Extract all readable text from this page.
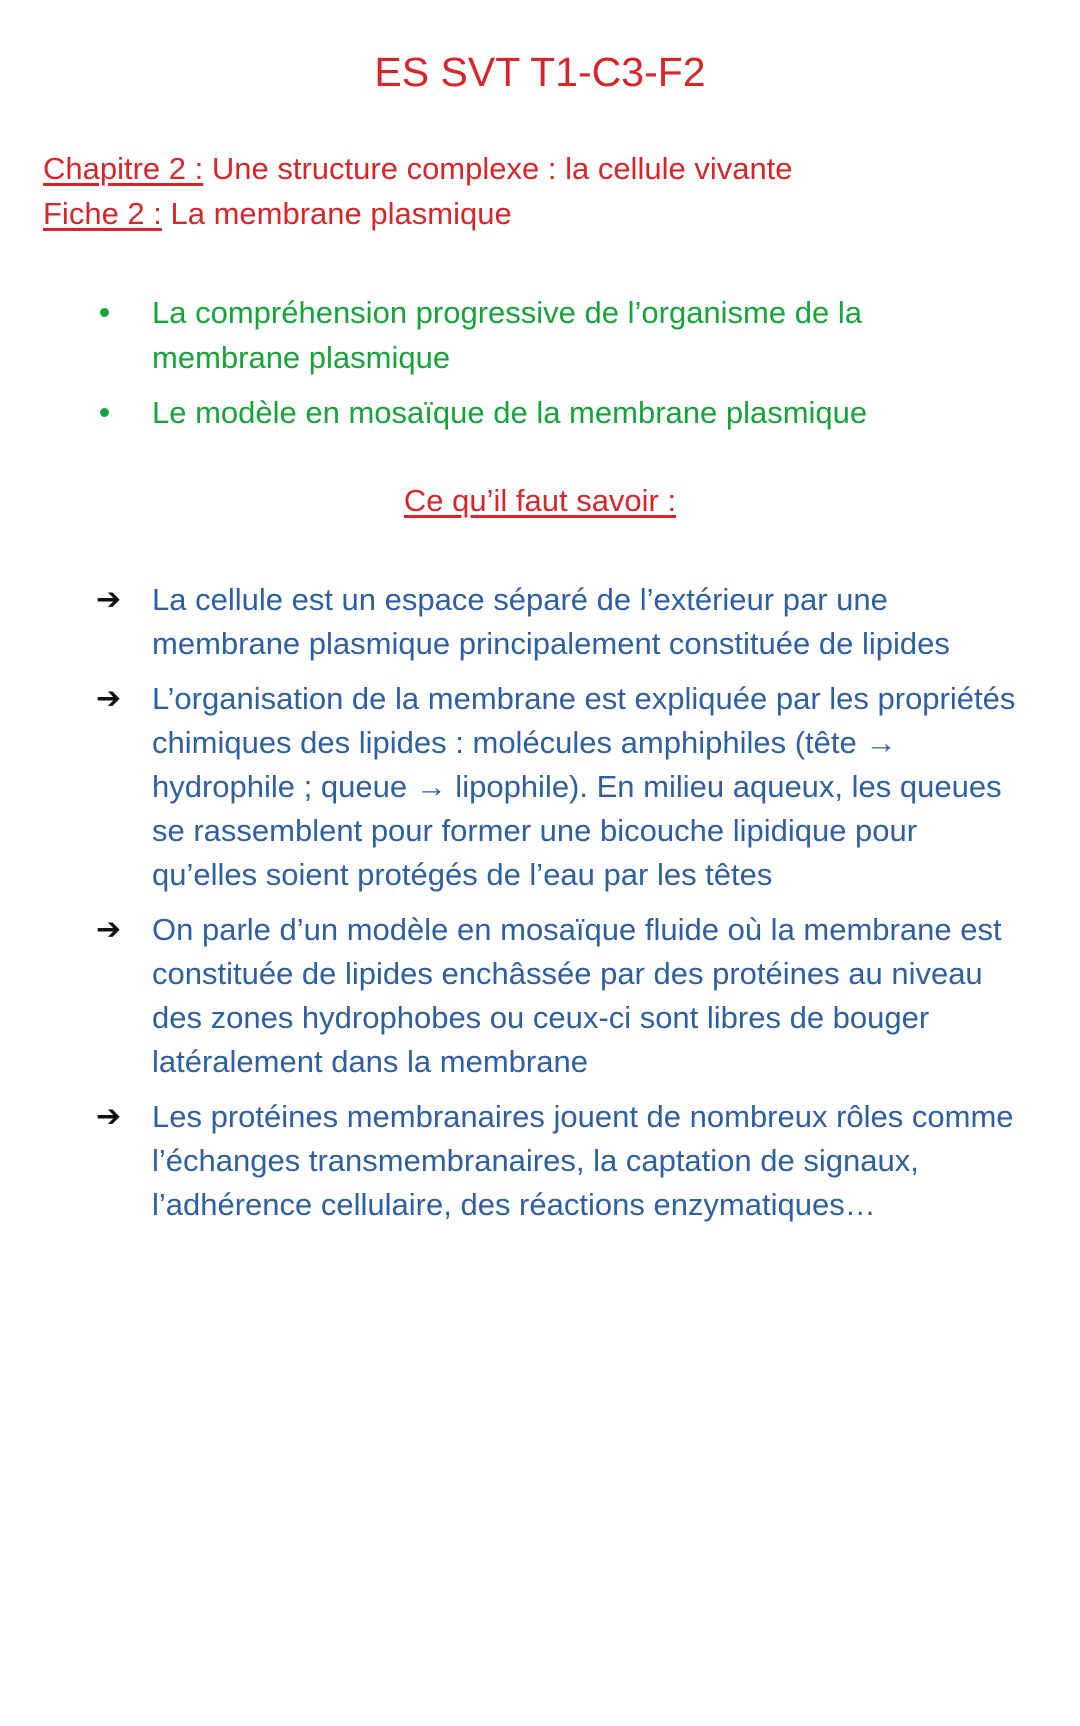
ES SVT T1-C3-F2
Chapitre 2 : Une structure complexe : la cellule vivante
Fiche 2 : La membrane plasmique
La compréhension progressive de l’organisme de la membrane plasmique
Le modèle en mosaïque de la membrane plasmique
Ce qu’il faut savoir :
➔ La cellule est un espace séparé de l’extérieur par une membrane plasmique principalement constituée de lipides
➔ L’organisation de la membrane est expliquée par les propriétés chimiques des lipides : molécules amphiphiles (tête → hydrophile ; queue → lipophile). En milieu aqueux, les queues se rassemblent pour former une bicouche lipidique pour qu’elles soient protégés de l’eau par les têtes
➔ On parle d’un modèle en mosaïque fluide où la membrane est constituée de lipides enchâssée par des protéines au niveau des zones hydrophobes ou ceux-ci sont libres de bouger latéralement dans la membrane
➔ Les protéines membranaires jouent de nombreux rôles comme l’échanges transmembranaires, la captation de signaux, l’adhérence cellulaire, des réactions enzymatiques…
